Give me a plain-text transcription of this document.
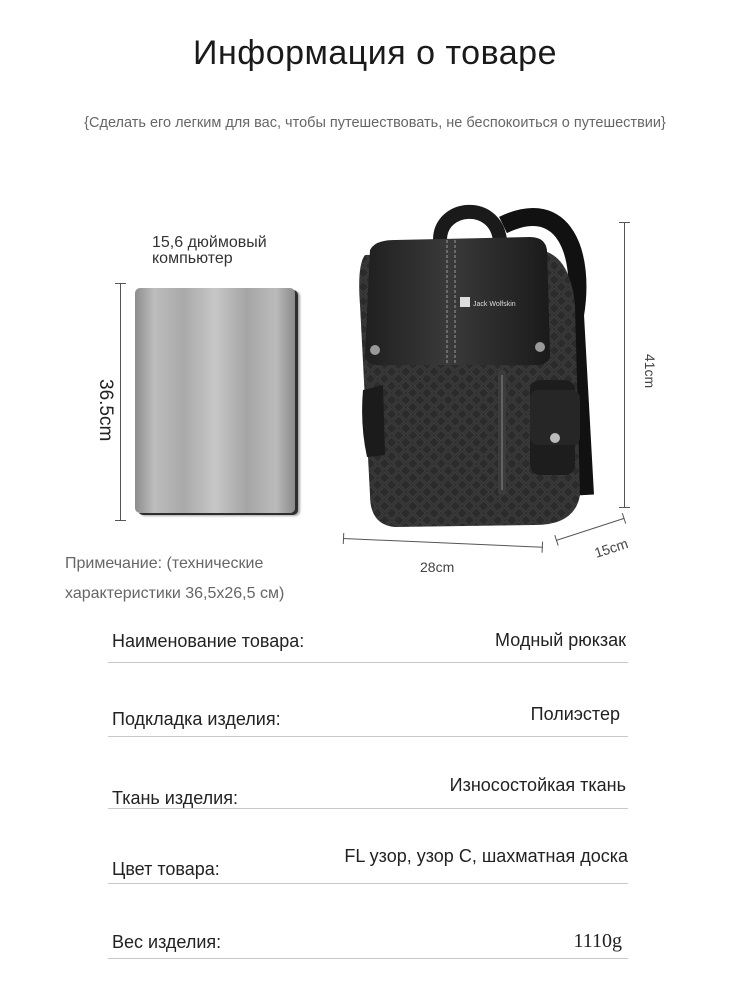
Информация о товаре
{Сделать его легким для вас, чтобы путешествовать, не беспокоиться о путешествии}
15,6 дюймовый компьютер
36.5cm
Примечание: (технические характеристики 36,5х26,5 см)
Jack Wolfskin
41cm
28cm
15cm
Наименование товара:	Модный рюкзак
Подкладка изделия:	Полиэстер
Ткань изделия:
Износостойкая ткань
Цвет товара:
FL узор, узор C, шахматная доска
Вес изделия:	1110g
